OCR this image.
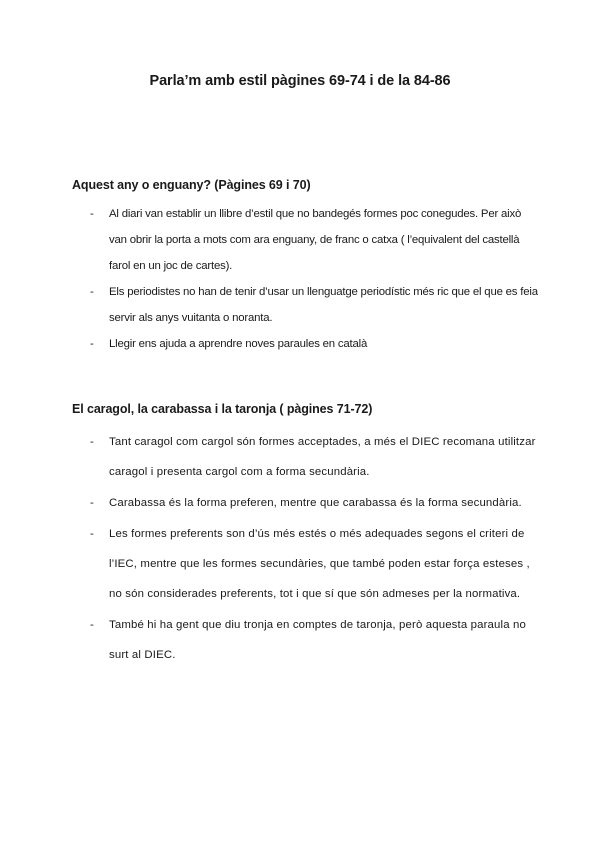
Parla’m amb estil pàgines 69-74 i de la 84-86
Aquest any o enguany? (Pàgines 69 i 70)
- Al diari van establir un llibre d’estil que no bandegés formes poc conegudes. Per això van obrir la porta a mots com ara enguany, de franc o catxa ( l’equivalent del castellà farol en un joc de cartes).
- Els periodistes no han de tenir d’usar un llenguatge periodístic més ric que el que es feia servir als anys vuitanta o noranta.
- Llegir ens ajuda a aprendre noves paraules en català
El caragol, la carabassa i la taronja ( pàgines 71-72)
- Tant caragol com cargol són formes acceptades, a més el DIEC recomana utilitzar caragol i presenta cargol com a forma secundària.
- Carabassa és la forma preferen, mentre que carabassa és la forma secundària.
- Les formes preferents son d’ús més estés o més adequades segons el criteri de l’IEC, mentre que les formes secundàries, que també poden estar força esteses , no són considerades preferents, tot i que sí que són admeses per la normativa.
- També hi ha gent que diu tronja en comptes de taronja, però aquesta paraula no surt al DIEC.
